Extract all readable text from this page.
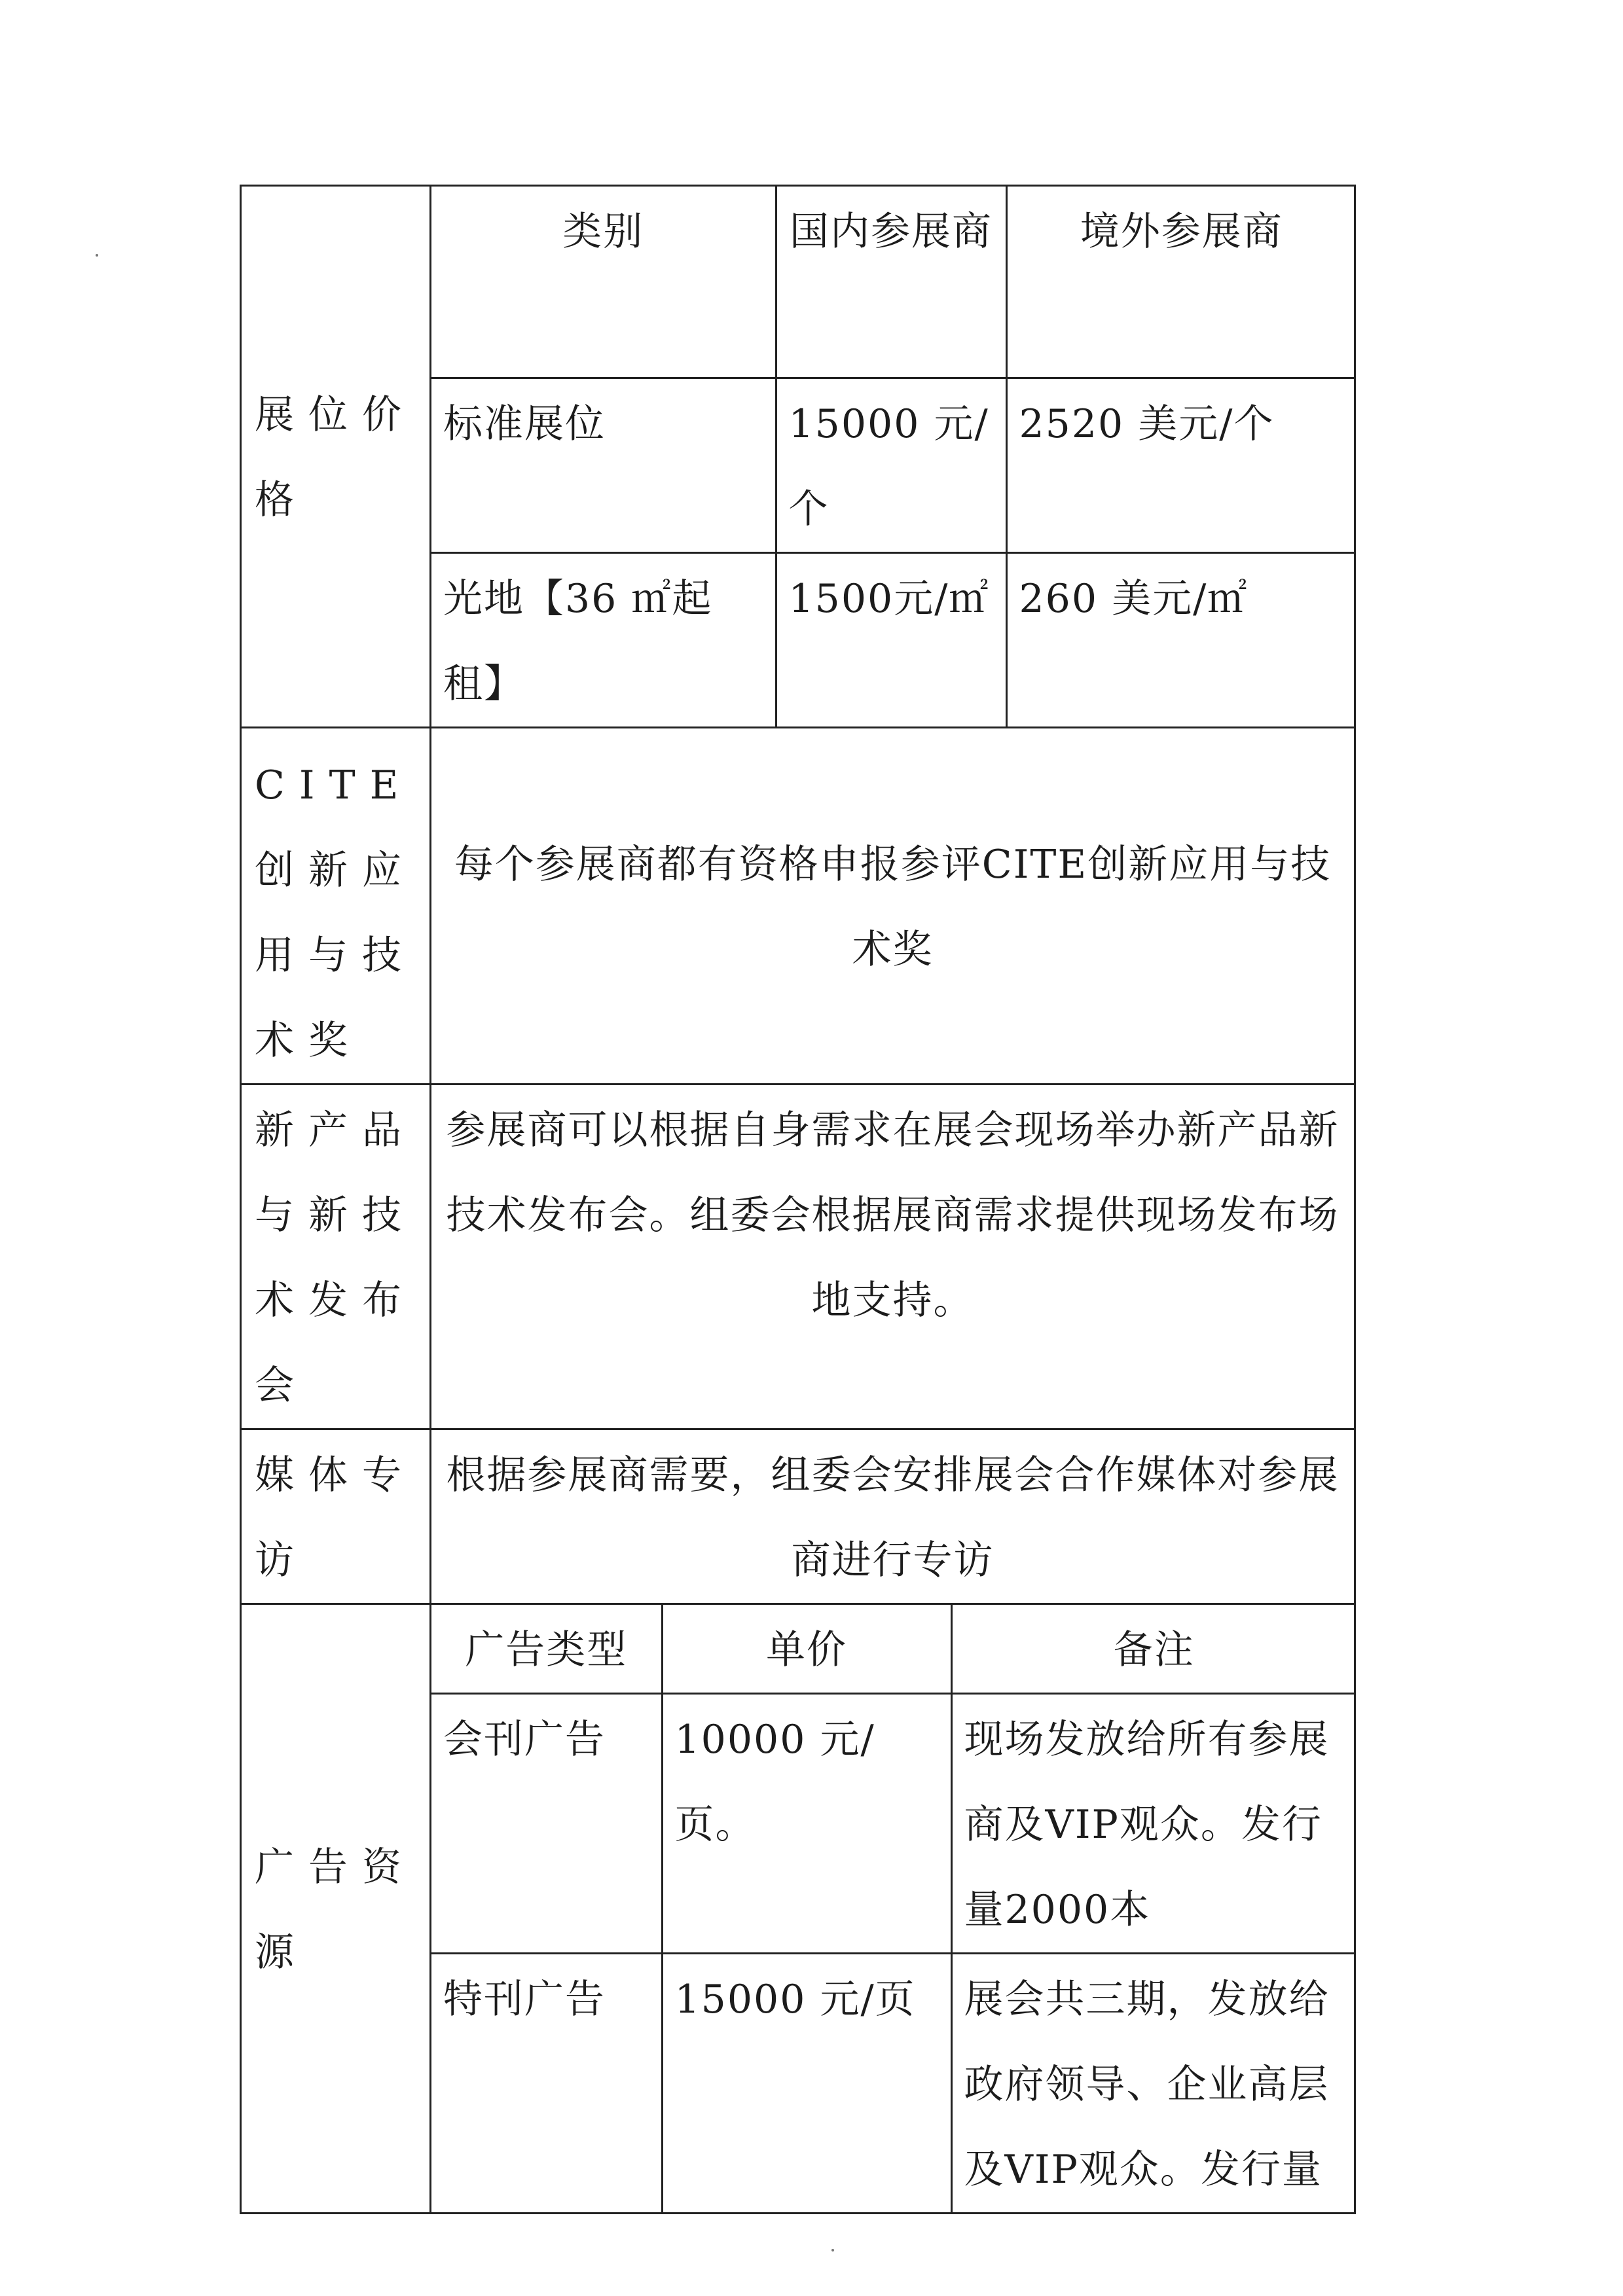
展位价格	
类别	国内参展商	境外参展商
标准展位	15000 元/个	2520 美元/个
光地【36 ㎡起租】	1500元/㎡	260 美元/㎡

CITE 创新应用与技术奖	每个参展商都有资格申报参评CITE创新应用与技术奖
新产品与新技术发布会	参展商可以根据自身需求在展会现场举办新产品新技术发布会。组委会根据展商需求提供现场发布场地支持。
媒体专访	根据参展商需要，组委会安排展会合作媒体对参展商进行专访
广告资源	
广告类型	单价	备注
会刊广告	10000 元/页。	现场发放给所有参展商及VIP观众。发行量2000本
特刊广告	15000 元/页	展会共三期，发放给政府领导、企业高层及VIP观众。发行量
